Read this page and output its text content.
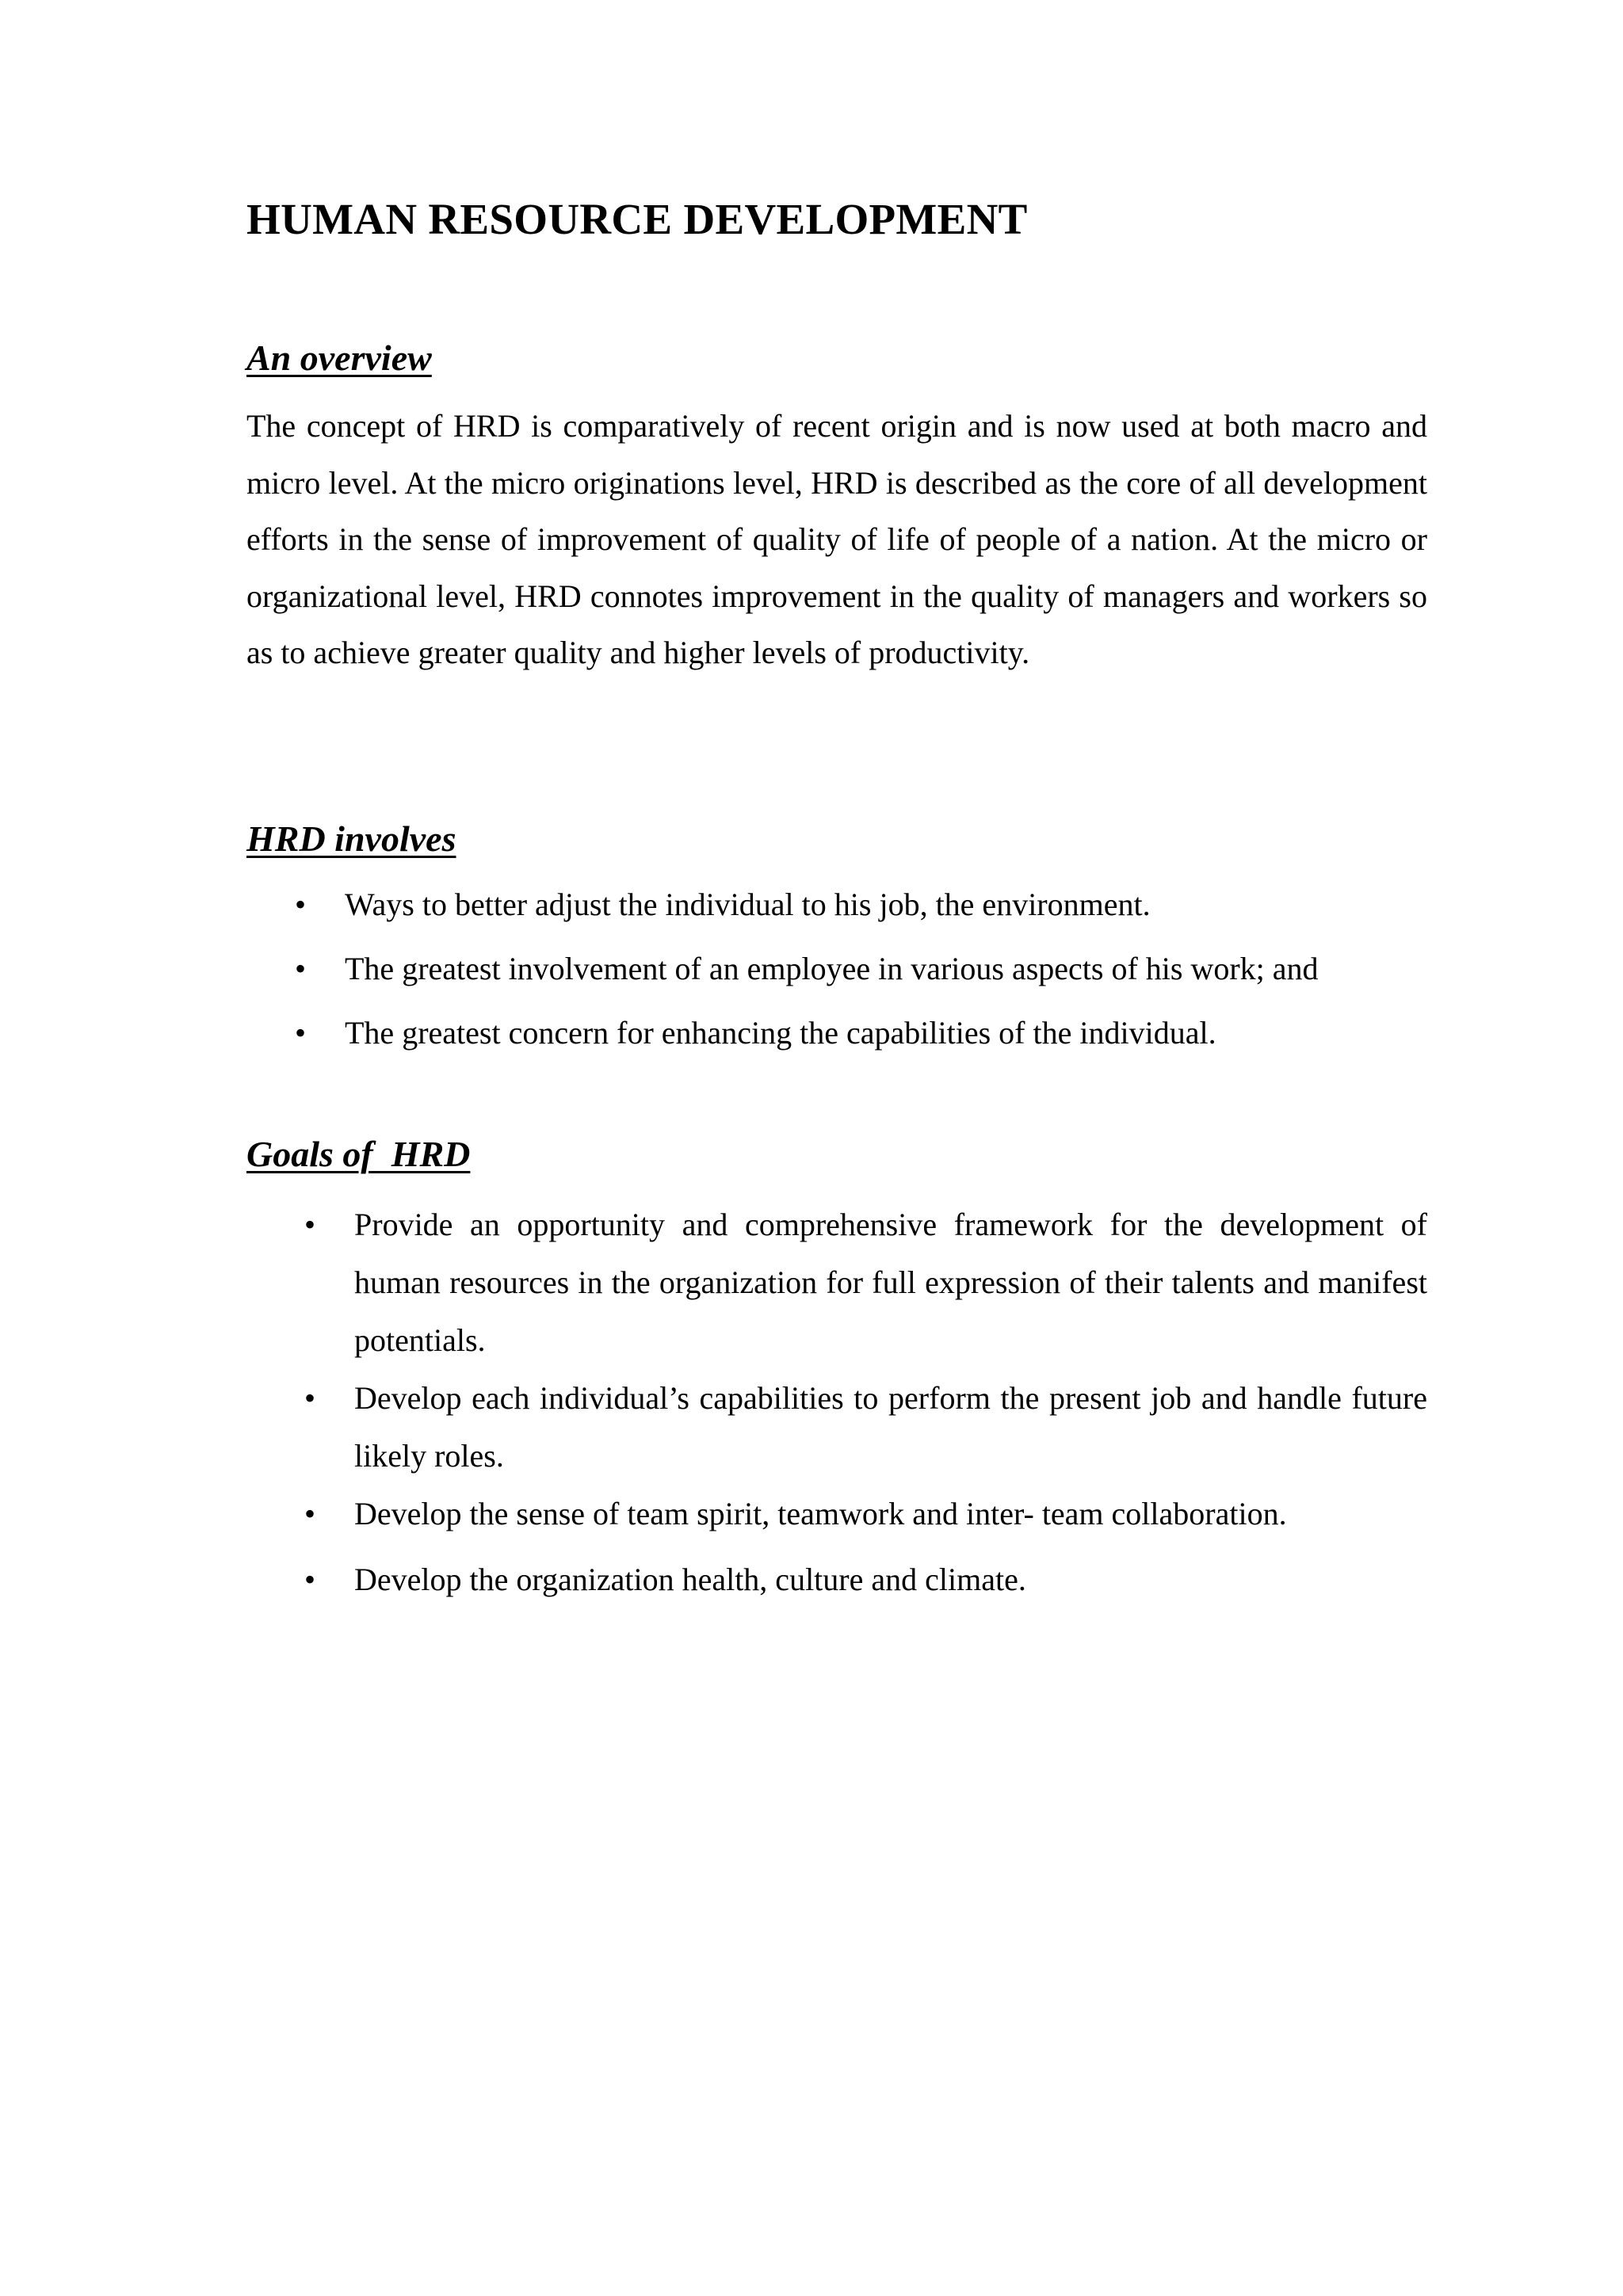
HUMAN RESOURCE DEVELOPMENT
An overview

The concept of HRD is comparatively of recent origin and is now used at both macro and micro level. At the micro originations level, HRD is described as the core of all development efforts in the sense of improvement of quality of life of people of a nation. At the micro or organizational level, HRD connotes improvement in the quality of managers and workers so as to achieve greater quality and higher levels of productivity.

HRD involves
• Ways to better adjust the individual to his job, the environment.
• The greatest involvement of an employee in various aspects of his work; and
• The greatest concern for enhancing the capabilities of the individual.
Goals of  HRD
• Provide an opportunity and comprehensive framework for the development of human resources in the organization for full expression of their talents and manifest potentials.
• Develop each individual’s capabilities to perform the present job and handle future likely roles.
• Develop the sense of team spirit, teamwork and inter- team collaboration.
• Develop the organization health, culture and climate.
